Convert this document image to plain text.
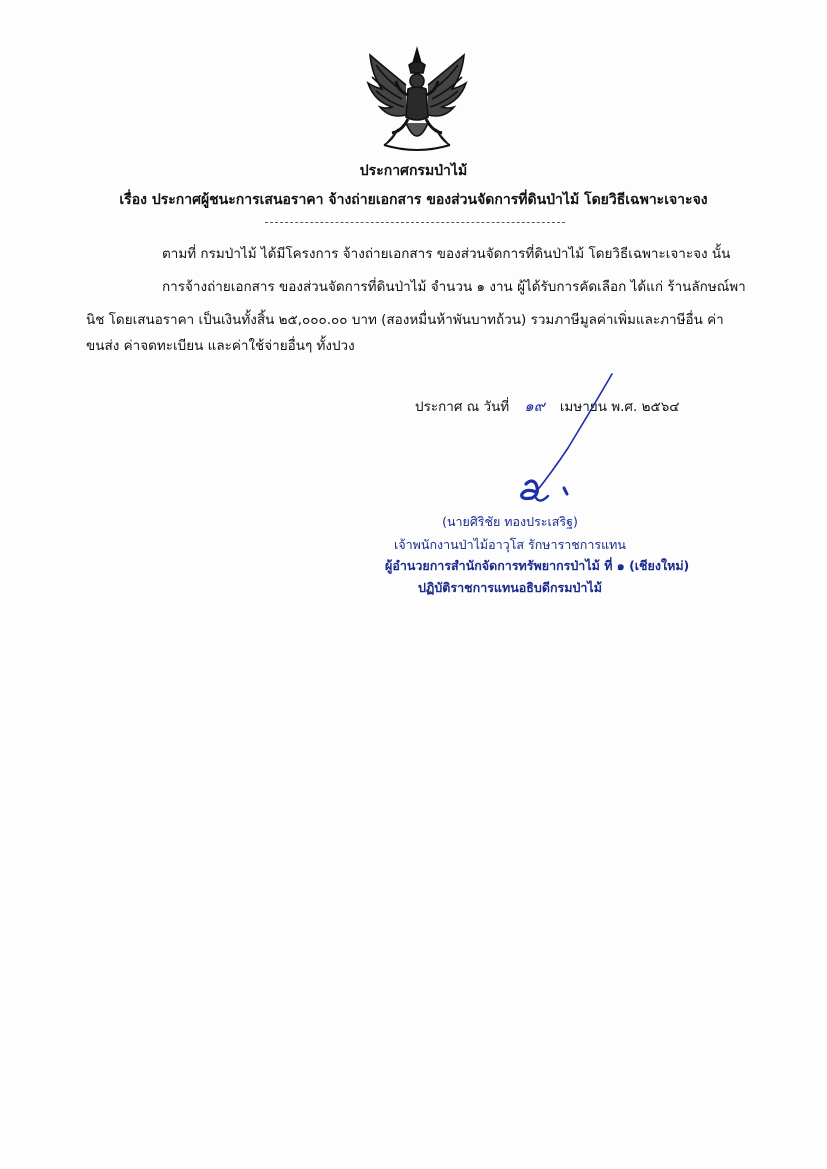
ประกาศกรมป่าไม้
เรื่อง ประกาศผู้ชนะการเสนอราคา จ้างถ่ายเอกสาร ของส่วนจัดการที่ดินป่าไม้ โดยวิธีเฉพาะเจาะจง
ตามที่ กรมป่าไม้ ได้มีโครงการ จ้างถ่ายเอกสาร ของส่วนจัดการที่ดินป่าไม้ โดยวิธีเฉพาะเจาะจง นั้น
การจ้างถ่ายเอกสาร ของส่วนจัดการที่ดินป่าไม้ จำนวน ๑ งาน ผู้ได้รับการคัดเลือก ได้แก่ ร้านลักษณ์พา
นิช โดยเสนอราคา เป็นเงินทั้งสิ้น ๒๕,๐๐๐.๐๐ บาท (สองหมื่นห้าพันบาทถ้วน) รวมภาษีมูลค่าเพิ่มและภาษีอื่น ค่า
ขนส่ง ค่าจดทะเบียน และค่าใช้จ่ายอื่นๆ ทั้งปวง
ประกาศ ณ วันที่ ๑๙ เมษายน พ.ศ. ๒๕๖๔
(นายศิริชัย ทองประเสริฐ)
เจ้าพนักงานป่าไม้อาวุโส รักษาราชการแทน
ผู้อำนวยการสำนักจัดการทรัพยากรป่าไม้ ที่ ๑ (เชียงใหม่)
ปฏิบัติราชการแทนอธิบดีกรมป่าไม้
